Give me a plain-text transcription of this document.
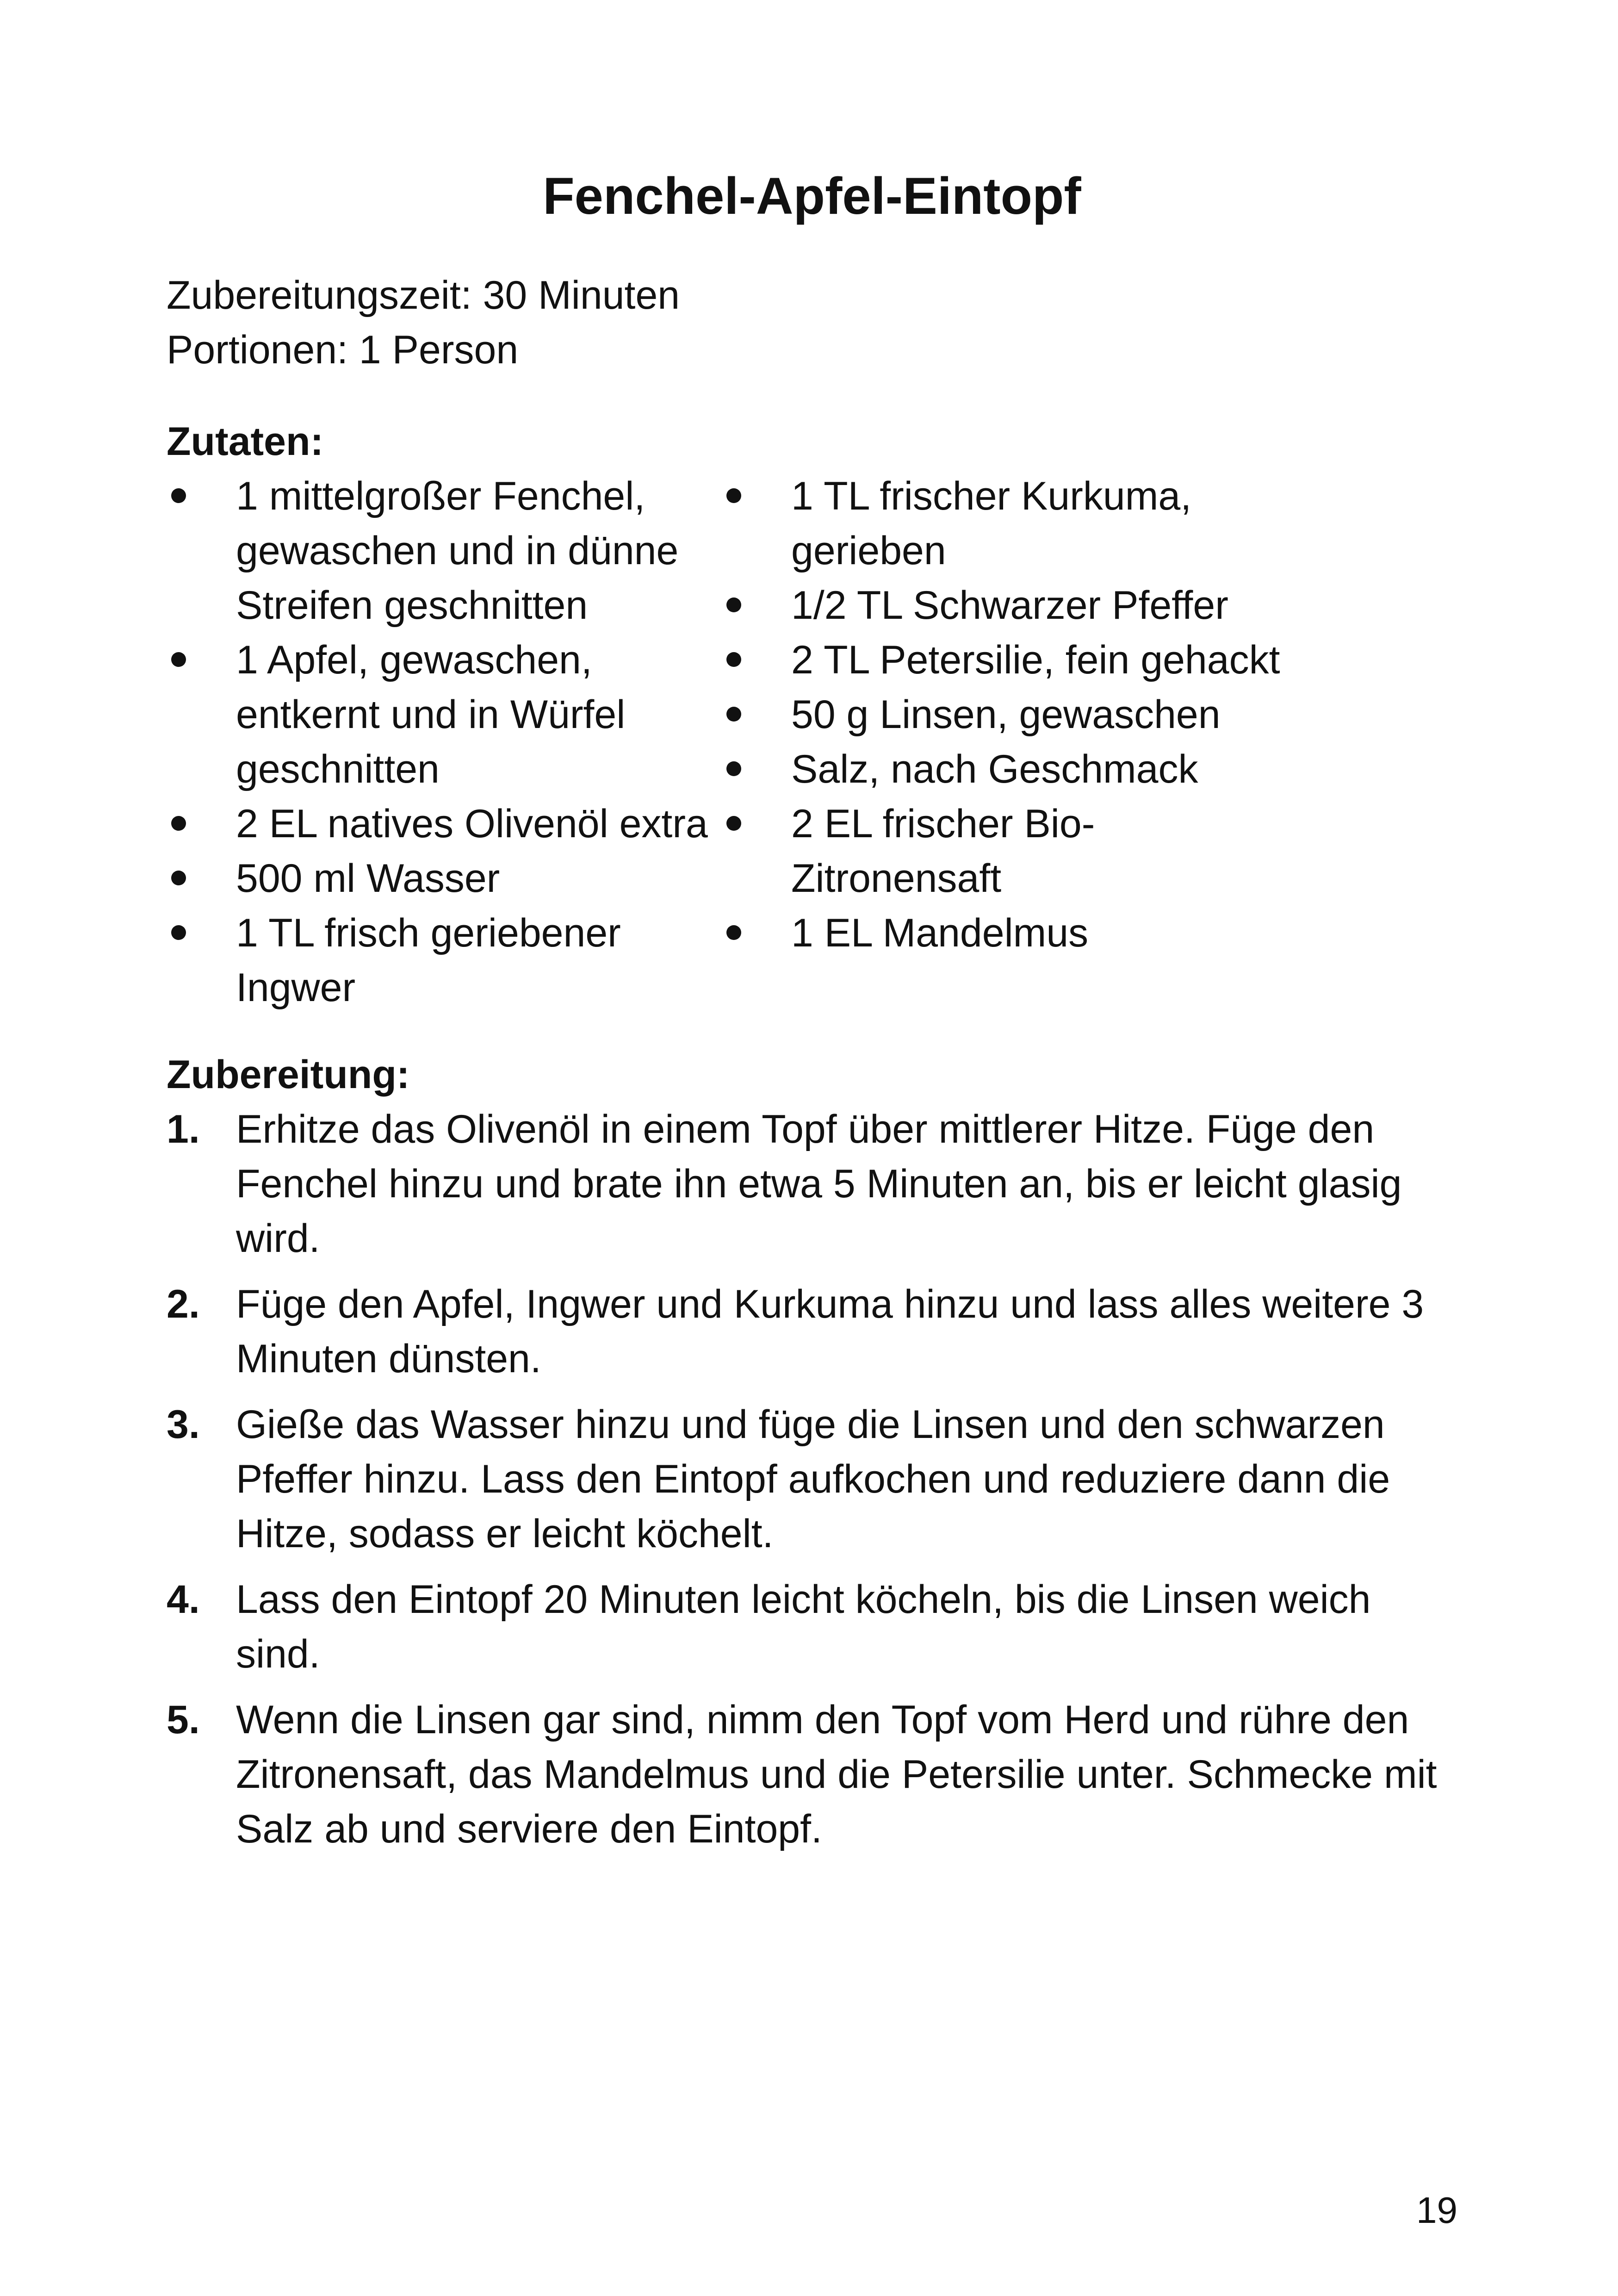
Fenchel-Apfel-Eintopf
Zubereitungszeit: 30 Minuten
Portionen: 1 Person
Zutaten:
1 mittelgroßer Fenchel, gewaschen und in dünne Streifen geschnitten
1 Apfel, gewaschen, entkernt und in Würfel geschnitten
2 EL natives Olivenöl extra
500 ml Wasser
1 TL frisch geriebener Ingwer
1 TL frischer Kurkuma, gerieben
1/2 TL Schwarzer Pfeffer
2 TL Petersilie, fein gehackt
50 g Linsen, gewaschen
Salz, nach Geschmack
2 EL frischer Bio-Zitronensaft
1 EL Mandelmus
Zubereitung:
1. Erhitze das Olivenöl in einem Topf über mittlerer Hitze. Füge den Fenchel hinzu und brate ihn etwa 5 Minuten an, bis er leicht glasig wird.
2. Füge den Apfel, Ingwer und Kurkuma hinzu und lass alles weitere 3 Minuten dünsten.
3. Gieße das Wasser hinzu und füge die Linsen und den schwarzen Pfeffer hinzu. Lass den Eintopf aufkochen und reduziere dann die Hitze, sodass er leicht köchelt.
4. Lass den Eintopf 20 Minuten leicht köcheln, bis die Linsen weich sind.
5. Wenn die Linsen gar sind, nimm den Topf vom Herd und rühre den Zitronensaft, das Mandelmus und die Petersilie unter. Schmecke mit Salz ab und serviere den Eintopf.
19
